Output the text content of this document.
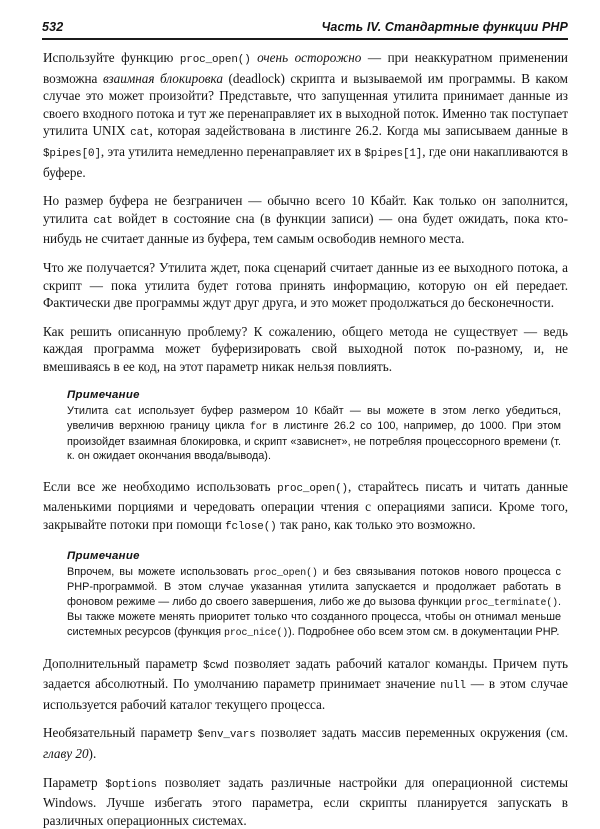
532	Часть IV. Стандартные функции PHP

Используйте функцию proc_open() очень осторожно — при неаккуратном применении возможна взаимная блокировка (deadlock) скрипта и вызываемой им программы. В каком случае это может произойти? Представьте, что запущенная утилита принимает данные из своего входного потока и тут же перенаправляет их в выходной поток. Именно так поступает утилита UNIX cat, которая задействована в листинге 26.2. Когда мы записываем данные в $pipes[0], эта утилита немедленно перенаправляет их в $pipes[1], где они накапливаются в буфере.

Но размер буфера не безграничен — обычно всего 10 Кбайт. Как только он заполнится, утилита cat войдет в состояние сна (в функции записи) — она будет ожидать, пока кто-нибудь не считает данные из буфера, тем самым освободив немного места.

Что же получается? Утилита ждет, пока сценарий считает данные из ее выходного потока, а скрипт — пока утилита будет готова принять информацию, которую он ей передает. Фактически две программы ждут друг друга, и это может продолжаться до бесконечности.

Как решить описанную проблему? К сожалению, общего метода не существует — ведь каждая программа может буферизировать свой выходной поток по-разному, и, не вмешиваясь в ее код, на этот параметр никак нельзя повлиять.

Примечание

Утилита cat использует буфер размером 10 Кбайт — вы можете в этом легко убедиться, увеличив верхнюю границу цикла for в листинге 26.2 со 100, например, до 1000. При этом произойдет взаимная блокировка, и скрипт «зависнет», не потребляя процессорного времени (т. к. он ожидает окончания ввода/вывода).

Если все же необходимо использовать proc_open(), старайтесь писать и читать данные маленькими порциями и чередовать операции чтения с операциями записи. Кроме того, закрывайте потоки при помощи fclose() так рано, как только это возможно.

Примечание

Впрочем, вы можете использовать proc_open() и без связывания потоков нового процесса с PHP-программой. В этом случае указанная утилита запускается и продолжает работать в фоновом режиме — либо до своего завершения, либо же до вызова функции proc_terminate(). Вы также можете менять приоритет только что созданного процесса, чтобы он отнимал меньше системных ресурсов (функция proc_nice()). Подробнее обо всем этом см. в документации PHP.

Дополнительный параметр $cwd позволяет задать рабочий каталог команды. Причем путь задается абсолютный. По умолчанию параметр принимает значение null — в этом случае используется рабочий каталог текущего процесса.

Необязательный параметр $env_vars позволяет задать массив переменных окружения (см. главу 20).

Параметр $options позволяет задать различные настройки для операционной системы Windows. Лучше избегать этого параметра, если скрипты планируется запускать в различных операционных системах.
